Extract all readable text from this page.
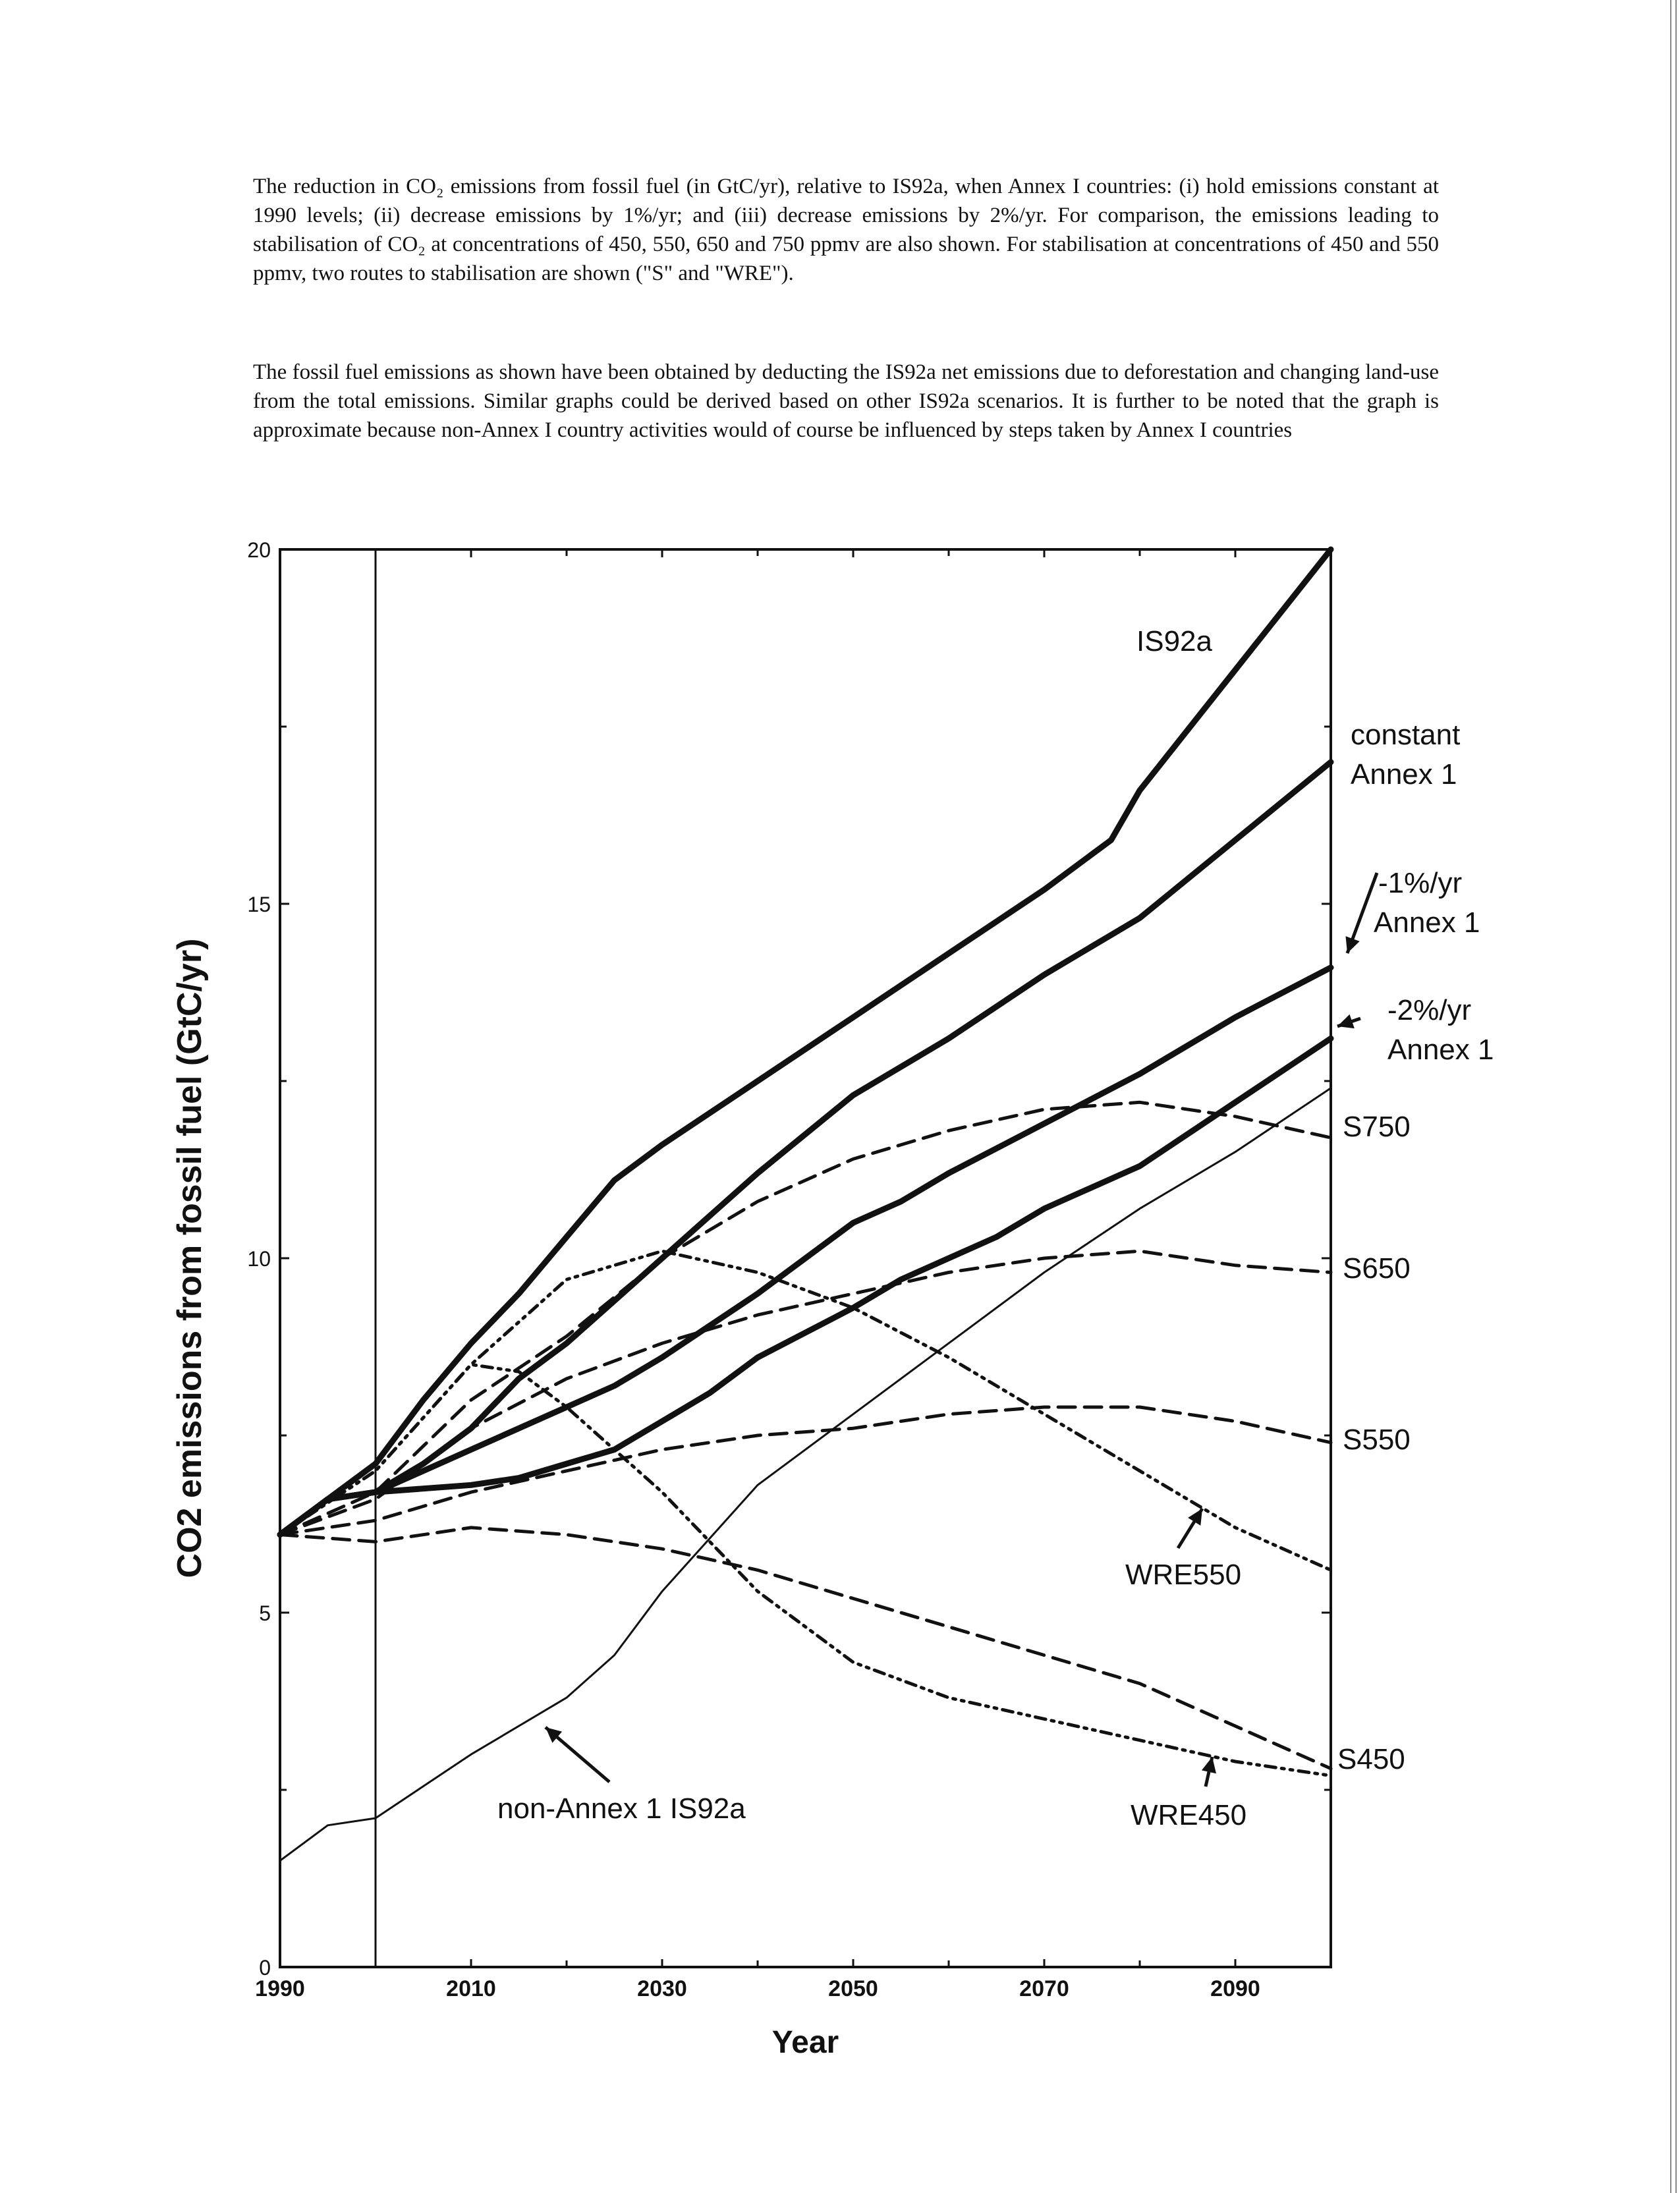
The reduction in CO₂ emissions from fossil fuel (in GtC/yr), relative to IS92a, when Annex I countries: (i) hold emissions constant at 1990 levels; (ii) decrease emissions by 1%/yr; and (iii) decrease emissions by 2%/yr. For comparison, the emissions leading to stabilisation of CO₂ at concentrations of 450, 550, 650 and 750 ppmv are also shown. For stabilisation at concentrations of 450 and 550 ppmv, two routes to stabilisation are shown ("S" and "WRE").

The fossil fuel emissions as shown have been obtained by deducting the IS92a net emissions due to deforestation and changing land-use from the total emissions. Similar graphs could be derived based on other IS92a scenarios. It is further to be noted that the graph is approximate because non-Annex I country activities would of course be influenced by steps taken by Annex I countries

1990	2010	2030	2050	2070	2090
0
5
10
15
20
Year
CO2 emissions from fossil fuel (GtC/yr)
IS92a
constant
Annex 1
-1%/yr
Annex 1
-2%/yr
Annex 1
S750
S650
S550
WRE550
S450
WRE450
non-Annex 1 IS92a
